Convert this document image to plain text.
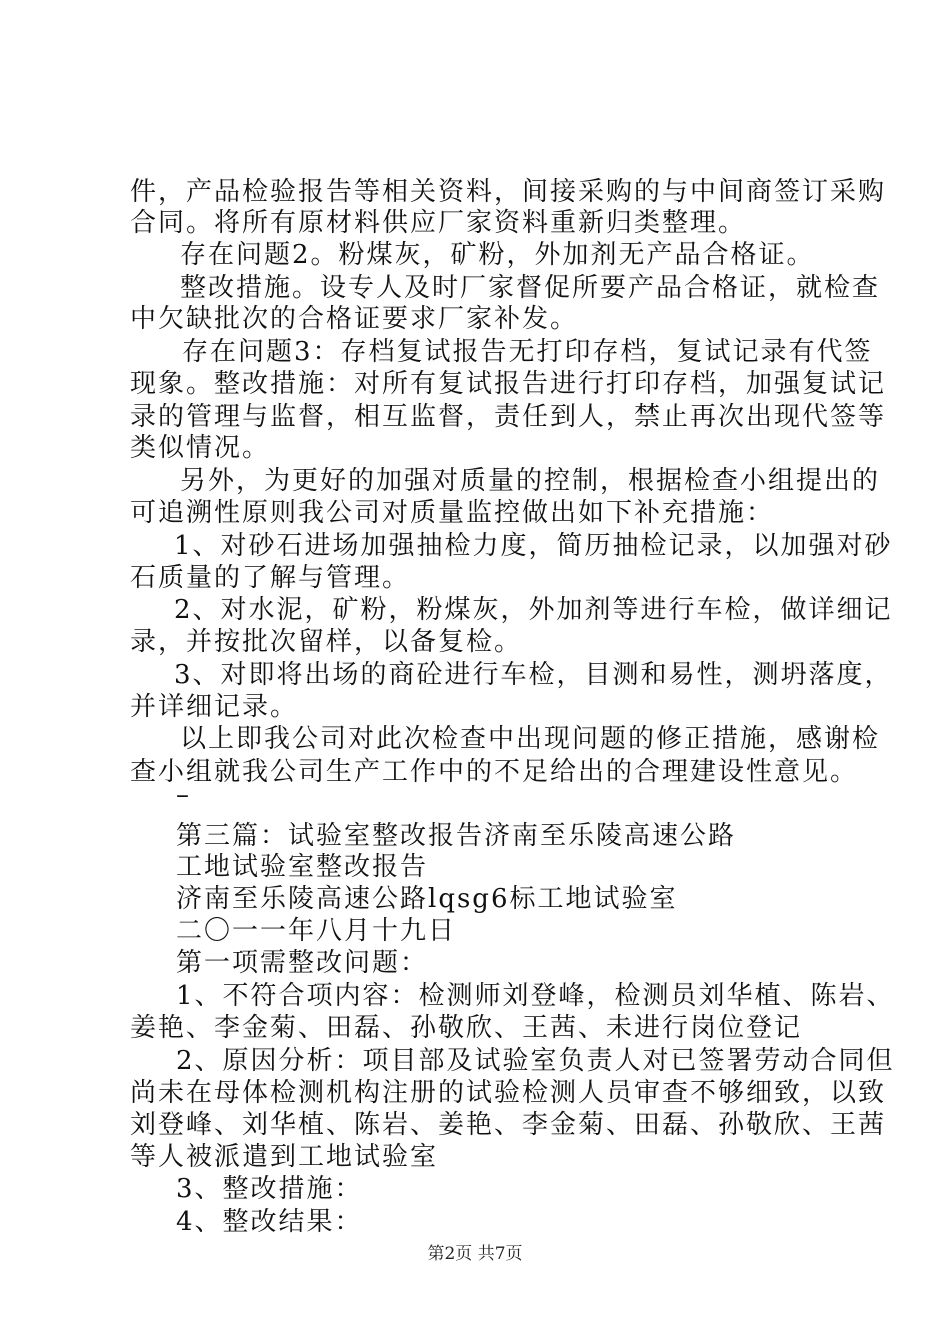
件，产品检验报告等相关资料，间接采购的与中间商签订采购
合同。将所有原材料供应厂家资料重新归类整理。
存在问题2。粉煤灰，矿粉，外加剂无产品合格证。
整改措施。设专人及时厂家督促所要产品合格证，就检查
中欠缺批次的合格证要求厂家补发。
存在问题3：存档复试报告无打印存档，复试记录有代签
现象。整改措施：对所有复试报告进行打印存档，加强复试记
录的管理与监督，相互监督，责任到人，禁止再次出现代签等
类似情况。
另外，为更好的加强对质量的控制，根据检查小组提出的
可追溯性原则我公司对质量监控做出如下补充措施：
1、对砂石进场加强抽检力度，简历抽检记录，以加强对砂
石质量的了解与管理。
2、对水泥，矿粉，粉煤灰，外加剂等进行车检，做详细记
录，并按批次留样，以备复检。
3、对即将出场的商砼进行车检，目测和易性，测坍落度，
并详细记录。
以上即我公司对此次检查中出现问题的修正措施，感谢检
查小组就我公司生产工作中的不足给出的合理建设性意见。
–
第三篇：试验室整改报告济南至乐陵高速公路
工地试验室整改报告
济南至乐陵高速公路lqsg6标工地试验室
二〇一一年八月十九日
第一项需整改问题：
1、不符合项内容：检测师刘登峰，检测员刘华植、陈岩、
姜艳、李金菊、田磊、孙敬欣、王茜、未进行岗位登记
2、原因分析：项目部及试验室负责人对已签署劳动合同但
尚未在母体检测机构注册的试验检测人员审查不够细致，以致
刘登峰、刘华植、陈岩、姜艳、李金菊、田磊、孙敬欣、王茜
等人被派遣到工地试验室
3、整改措施：
4、整改结果：
第2页 共7页
